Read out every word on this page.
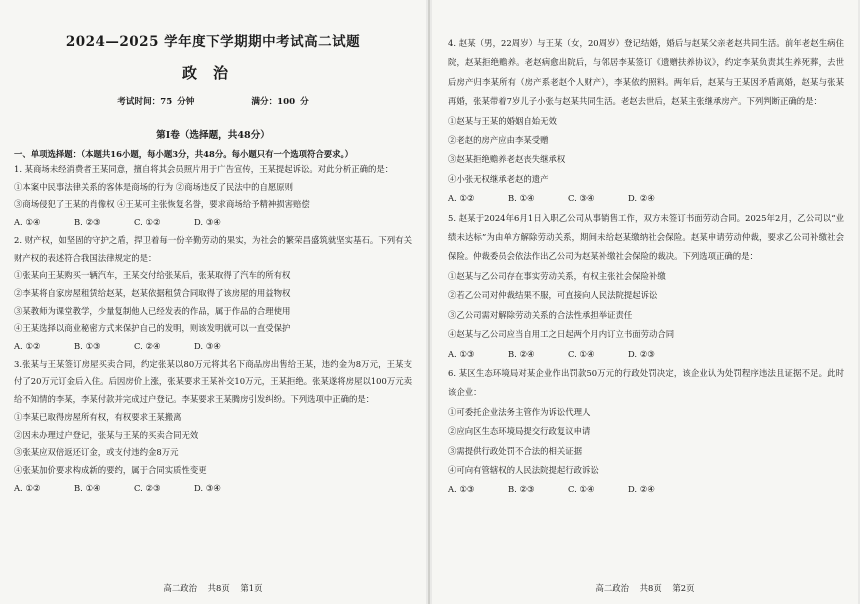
2024—2025 学年度下学期期中考试高二试题
政治
考试时间：75 分钟	满分：100 分
第Ⅰ卷（选择题，共48分）
一、单项选择题：（本题共16小题，每小题3分，共48分。每小题只有一个选项符合要求。）

1. 某商场未经消费者王某同意，擅自将其会员照片用于广告宣传，王某提起诉讼。对此分析正确的是：

①本案中民事法律关系的客体是商场的行为 ②商场违反了民法中的自愿原则

③商场侵犯了王某的肖像权 ④王某可主张恢复名誉，要求商场给予精神损害赔偿

A. ①④	B. ②③	C. ①②	D. ③④

2. 财产权，如坚固的守护之盾，捍卫着每一份辛勤劳动的果实，为社会的繁荣昌盛筑就坚实基石。下列有关财产权的表述符合我国法律规定的是：

①张某向王某购买一辆汽车，王某交付给张某后，张某取得了汽车的所有权

②李某将自家房屋租赁给赵某，赵某依据租赁合同取得了该房屋的用益物权

③某教师为课堂教学，少量复制他人已经发表的作品，属于作品的合理使用

④王某选择以商业秘密方式来保护自己的发明，则该发明就可以一直受保护

A. ①②	B. ①③	C. ②④	D. ③④

3.张某与王某签订房屋买卖合同，约定张某以80万元将其名下商品房出售给王某，违约金为8万元，王某支付了20万元订金后入住。后因房价上涨，张某要求王某补交10万元，王某拒绝。张某遂将房屋以100万元卖给不知情的李某，李某付款并完成过户登记。李某要求王某腾房引发纠纷。下列选项中正确的是：

①李某已取得房屋所有权，有权要求王某搬离

②因未办理过户登记，张某与王某的买卖合同无效

③张某应双倍返还订金，或支付违约金8万元

④张某加价要求构成新的要约，属于合同实质性变更

A. ①②	B. ①④	C. ②③	D. ③④
高二政治 共8页 第1页

4. 赵某（男，22周岁）与王某（女，20周岁）登记结婚，婚后与赵某父亲老赵共同生活。前年老赵生病住院，赵某拒绝赡养。老赵病愈出院后，与邻居李某签订《遗赠扶养协议》，约定李某负责其生养死葬，去世后房产归李某所有（房产系老赵个人财产），李某依约照料。两年后，赵某与王某因矛盾离婚，赵某与张某再婚，张某带着7岁儿子小张与赵某共同生活。老赵去世后，赵某主张继承房产。下列判断正确的是：

①赵某与王某的婚姻自始无效

②老赵的房产应由李某受赠

③赵某拒绝赡养老赵丧失继承权

④小张无权继承老赵的遗产

A. ①②	B. ①④	C. ③④	D. ②④

5. 赵某于2024年6月1日入职乙公司从事销售工作，双方未签订书面劳动合同。2025年2月，乙公司以“业绩未达标”为由单方解除劳动关系，期间未给赵某缴纳社会保险。赵某申请劳动仲裁，要求乙公司补缴社会保险。仲裁委员会依法作出乙公司为赵某补缴社会保险的裁决。下列选项正确的是：

①赵某与乙公司存在事实劳动关系，有权主张社会保险补缴

②若乙公司对仲裁结果不服，可直接向人民法院提起诉讼

③乙公司需对解除劳动关系的合法性承担举证责任

④赵某与乙公司应当自用工之日起两个月内订立书面劳动合同

A. ①③	B. ②④	C. ①④	D. ②③

6. 某区生态环境局对某企业作出罚款50万元的行政处罚决定，该企业认为处罚程序违法且证据不足。此时该企业：

①可委托企业法务主管作为诉讼代理人

②应向区生态环境局提交行政复议申请

③需提供行政处罚不合法的相关证据

④可向有管辖权的人民法院提起行政诉讼

A. ①③	B. ②③	C. ①④	D. ②④
高二政治 共8页 第2页
